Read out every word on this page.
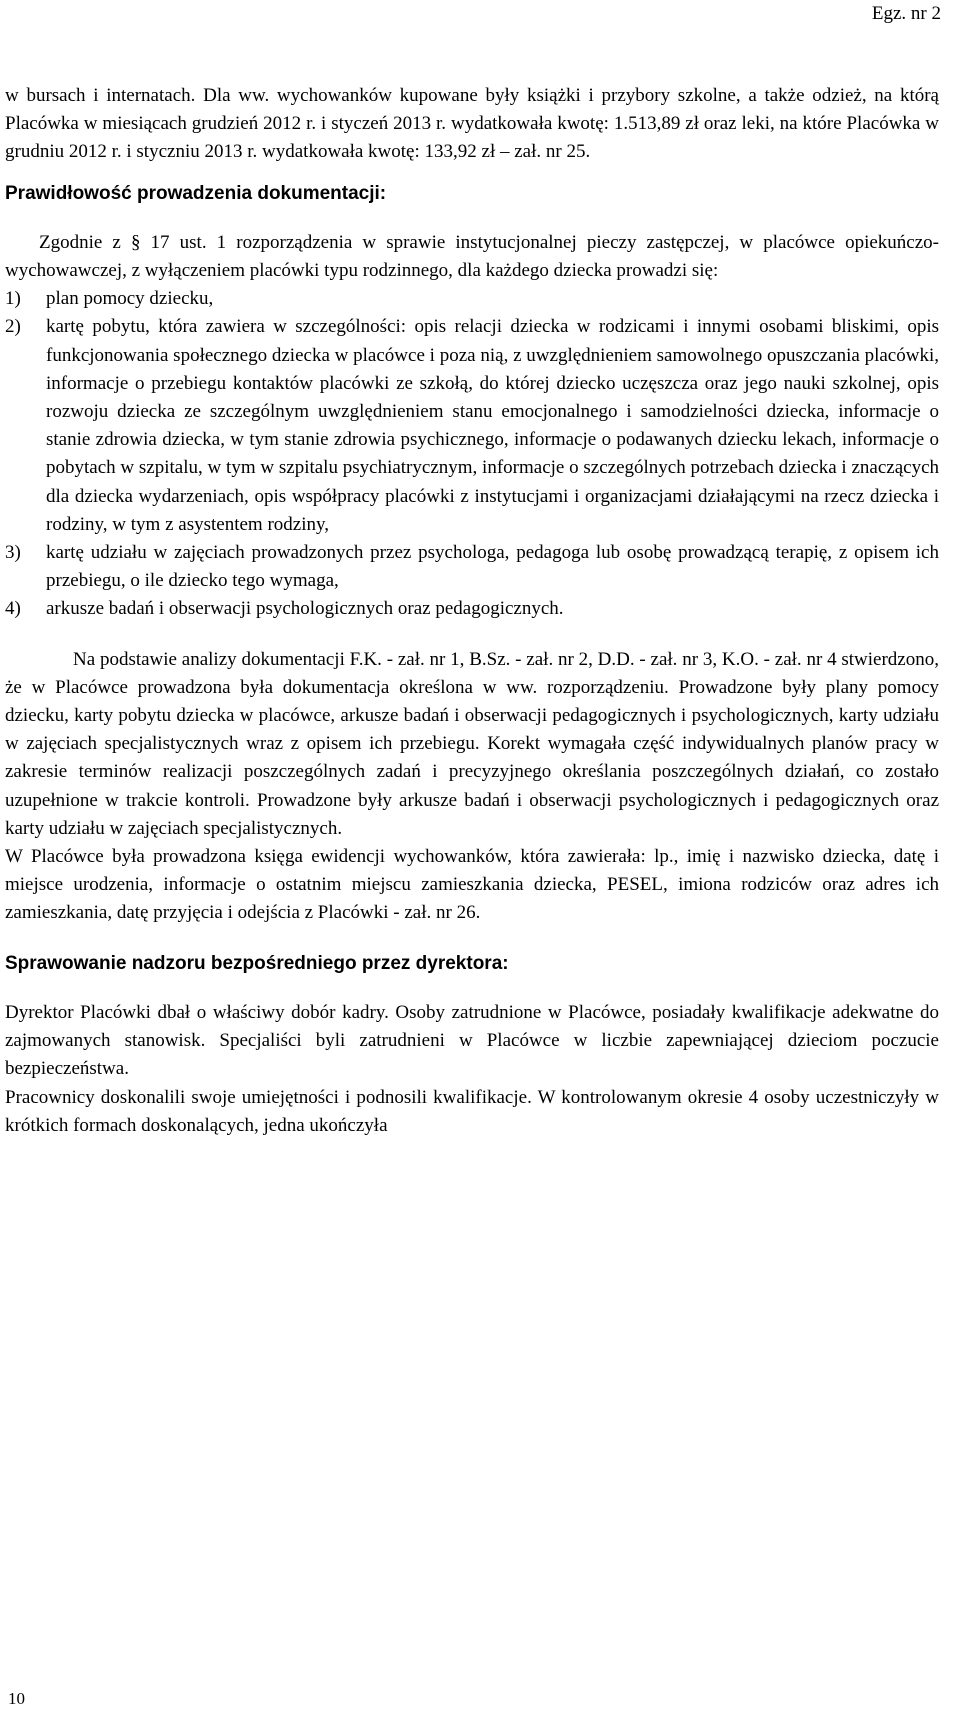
Egz. nr 2

w bursach i internatach. Dla ww. wychowanków kupowane były książki i przybory szkolne, a także odzież, na którą Placówka w miesiącach grudzień 2012 r. i styczeń 2013 r. wydatkowała kwotę: 1.513,89 zł oraz leki, na które Placówka w grudniu 2012 r. i styczniu 2013 r. wydatkowała kwotę: 133,92 zł – zał. nr 25.

Prawidłowość prowadzenia dokumentacji:

Zgodnie z § 17 ust. 1 rozporządzenia w sprawie instytucjonalnej pieczy zastępczej, w placówce opiekuńczo-wychowawczej, z wyłączeniem placówki typu rodzinnego, dla każdego dziecka prowadzi się:

1)	plan pomocy dziecku,
2)	kartę pobytu, która zawiera w szczególności: opis relacji dziecka w rodzicami i innymi osobami bliskimi, opis funkcjonowania społecznego dziecka w placówce i poza nią, z uwzględnieniem samowolnego opuszczania placówki, informacje o przebiegu kontaktów placówki ze szkołą, do której dziecko uczęszcza oraz jego nauki szkolnej, opis rozwoju dziecka ze szczególnym uwzględnieniem stanu emocjonalnego i samodzielności dziecka, informacje o stanie zdrowia dziecka, w tym stanie zdrowia psychicznego, informacje o podawanych dziecku lekach, informacje o pobytach w szpitalu, w tym w szpitalu psychiatrycznym, informacje o szczególnych potrzebach dziecka i znaczących dla dziecka wydarzeniach, opis współpracy placówki z instytucjami i organizacjami działającymi na rzecz dziecka i rodziny, w tym z asystentem rodziny,
3)	kartę udziału w zajęciach prowadzonych przez psychologa, pedagoga lub osobę prowadzącą terapię, z opisem ich przebiegu, o ile dziecko tego wymaga,
4)	arkusze badań i obserwacji psychologicznych oraz pedagogicznych.

Na podstawie analizy dokumentacji F.K. - zał. nr 1, B.Sz. - zał. nr 2, D.D. - zał. nr 3, K.O. - zał. nr 4 stwierdzono, że w Placówce prowadzona była dokumentacja określona w ww. rozporządzeniu. Prowadzone były plany pomocy dziecku, karty pobytu dziecka w placówce, arkusze badań i obserwacji pedagogicznych i psychologicznych, karty udziału w zajęciach specjalistycznych wraz z opisem ich przebiegu. Korekt wymagała część indywidualnych planów pracy w zakresie terminów realizacji poszczególnych zadań i precyzyjnego określania poszczególnych działań, co zostało uzupełnione w trakcie kontroli. Prowadzone były arkusze badań i obserwacji psychologicznych i pedagogicznych oraz karty udziału w zajęciach specjalistycznych.

W Placówce była prowadzona księga ewidencji wychowanków, która zawierała: lp., imię i nazwisko dziecka, datę i miejsce urodzenia, informacje o ostatnim miejscu zamieszkania dziecka, PESEL, imiona rodziców oraz adres ich zamieszkania, datę przyjęcia i odejścia z Placówki - zał. nr 26.

Sprawowanie nadzoru bezpośredniego przez dyrektora:

Dyrektor Placówki dbał o właściwy dobór kadry. Osoby zatrudnione w Placówce, posiadały kwalifikacje adekwatne do zajmowanych stanowisk. Specjaliści byli zatrudnieni w Placówce w liczbie zapewniającej dzieciom poczucie bezpieczeństwa.

Pracownicy doskonalili swoje umiejętności i podnosili kwalifikacje. W kontrolowanym okresie 4 osoby uczestniczyły w krótkich formach doskonalących, jedna ukończyła

10
